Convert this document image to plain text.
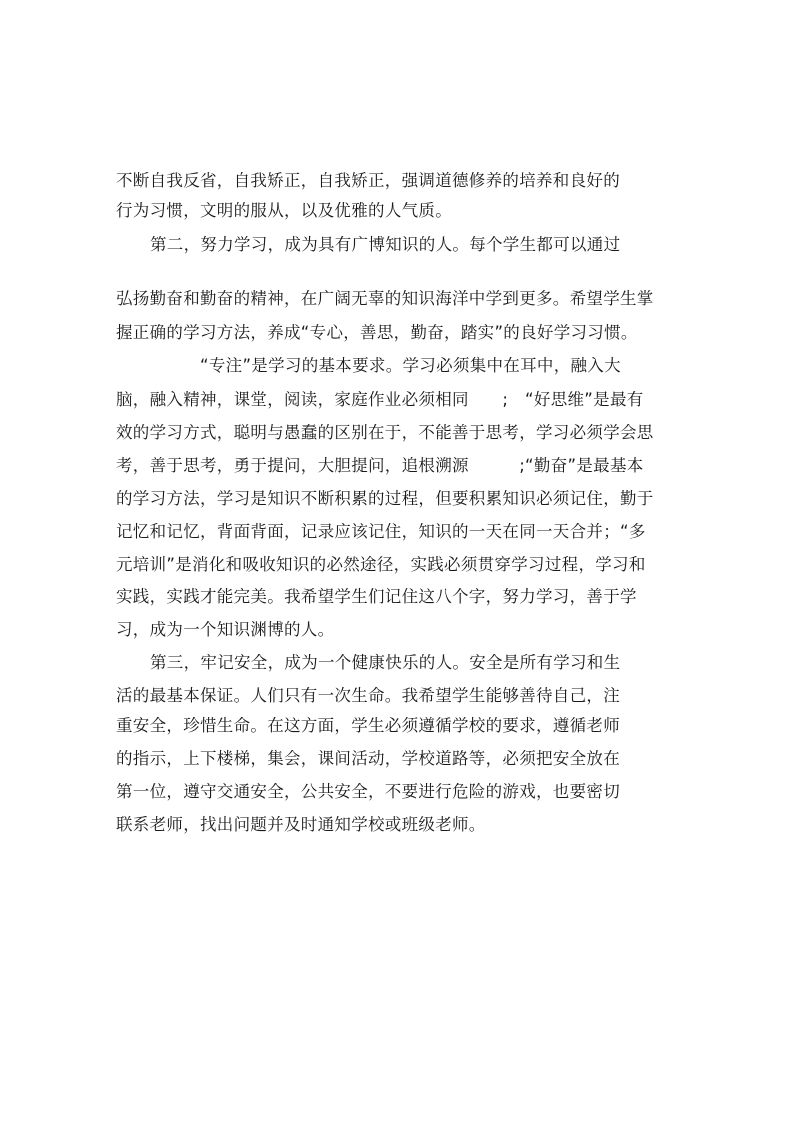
不断自我反省，自我矫正，自我矫正，强调道德修养的培养和良好的
行为习惯，文明的服从，以及优雅的人气质。
第二，努力学习，成为具有广博知识的人。每个学生都可以通过
弘扬勤奋和勤奋的精神，在广阔无辜的知识海洋中学到更多。希望学生掌
握正确的学习方法，养成“专心，善思，勤奋，踏实”的良好学习习惯。
“专注”是学习的基本要求。学习必须集中在耳中，融入大
脑，融入精神，课堂，阅读，家庭作业必须相同　　;　“好思维”是最有
效的学习方式，聪明与愚蠢的区别在于，不能善于思考，学习必须学会思
考，善于思考，勇于提问，大胆提问，追根溯源　　　;“勤奋”是最基本
的学习方法，学习是知识不断积累的过程，但要积累知识必须记住，勤于
记忆和记忆，背面背面，记录应该记住，知识的一天在同一天合并；“多
元培训”是消化和吸收知识的必然途径，实践必须贯穿学习过程，学习和
实践，实践才能完美。我希望学生们记住这八个字，努力学习，善于学
习，成为一个知识渊博的人。
第三，牢记安全，成为一个健康快乐的人。安全是所有学习和生
活的最基本保证。人们只有一次生命。我希望学生能够善待自己，注
重安全，珍惜生命。在这方面，学生必须遵循学校的要求，遵循老师
的指示，上下楼梯，集会，课间活动，学校道路等，必须把安全放在
第一位，遵守交通安全，公共安全，不要进行危险的游戏，也要密切
联系老师，找出问题并及时通知学校或班级老师。
